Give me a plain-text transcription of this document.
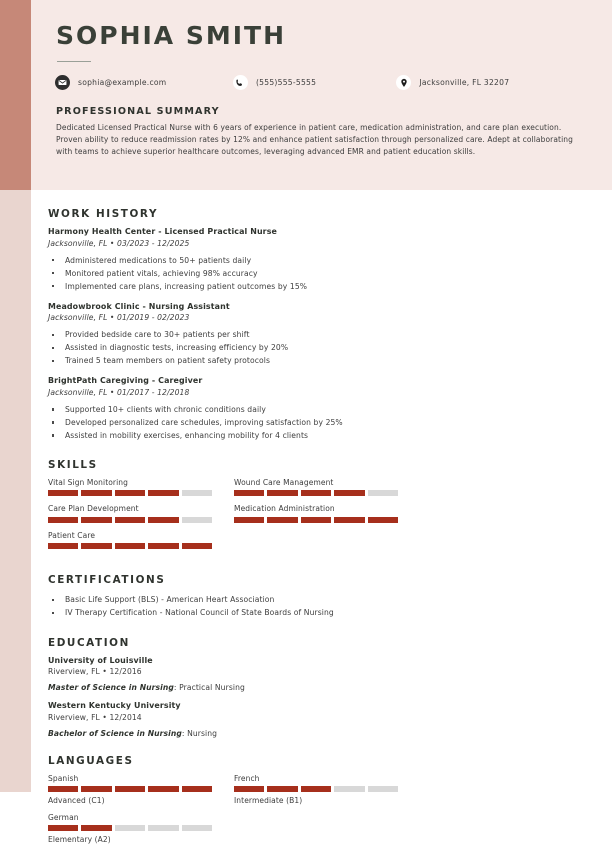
SOPHIA SMITH
sophia@example.com	(555)555-5555	Jacksonville, FL 32207
PROFESSIONAL SUMMARY
Dedicated Licensed Practical Nurse with 6 years of experience in patient care, medication administration, and care plan execution. Proven ability to reduce readmission rates by 12% and enhance patient satisfaction through personalized care. Adept at collaborating with teams to achieve superior healthcare outcomes, leveraging advanced EMR and patient education skills.
WORK HISTORY
Harmony Health Center - Licensed Practical Nurse
Jacksonville, FL • 03/2023 - 12/2025
Administered medications to 50+ patients daily
Monitored patient vitals, achieving 98% accuracy
Implemented care plans, increasing patient outcomes by 15%
Meadowbrook Clinic - Nursing Assistant
Jacksonville, FL • 01/2019 - 02/2023
Provided bedside care to 30+ patients per shift
Assisted in diagnostic tests, increasing efficiency by 20%
Trained 5 team members on patient safety protocols
BrightPath Caregiving - Caregiver
Jacksonville, FL • 01/2017 - 12/2018
Supported 10+ clients with chronic conditions daily
Developed personalized care schedules, improving satisfaction by 25%
Assisted in mobility exercises, enhancing mobility for 4 clients
SKILLS
Vital Sign Monitoring	Wound Care Management
Care Plan Development	Medication Administration
Patient Care
CERTIFICATIONS
Basic Life Support (BLS) - American Heart Association
IV Therapy Certification - National Council of State Boards of Nursing
EDUCATION
University of Louisville
Riverview, FL • 12/2016
Master of Science in Nursing: Practical Nursing
Western Kentucky University
Riverview, FL • 12/2014
Bachelor of Science in Nursing: Nursing
LANGUAGES
Spanish
Advanced (C1)
French
Intermediate (B1)
German
Elementary (A2)
